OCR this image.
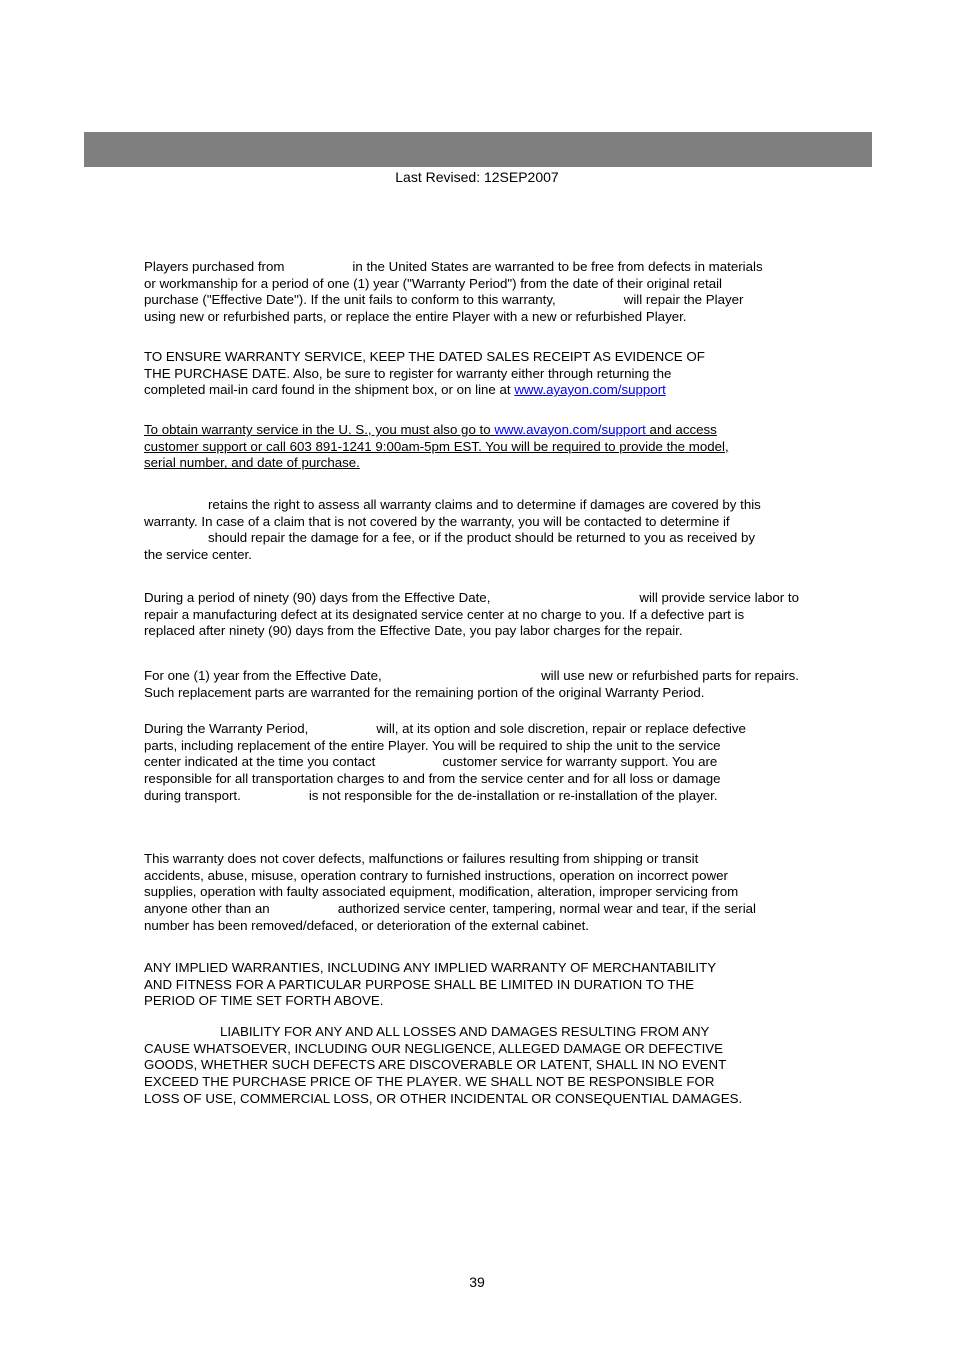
Last Revised: 12SEP2007
Players purchased from	in the United States are warranted to be free from defects in materials
or workmanship for a period of one (1) year ("Warranty Period") from the date of their original retail
purchase ("Effective Date"). If the unit fails to conform to this warranty,	will repair the Player
using new or refurbished parts, or replace the entire Player with a new or refurbished Player.
TO ENSURE WARRANTY SERVICE, KEEP THE DATED SALES RECEIPT AS EVIDENCE OF
THE PURCHASE DATE. Also, be sure to register for warranty either through returning the
completed mail-in card found in the shipment box, or on line at www.ayayon.com/support
To obtain warranty service in the U. S., you must also go to www.avayon.com/support and access
customer support or call 603 891-1241 9:00am-5pm EST. You will be required to provide the model,
serial number, and date of purchase.
retains the right to assess all warranty claims and to determine if damages are covered by this
warranty. In case of a claim that is not covered by the warranty, you will be contacted to determine if
should repair the damage for a fee, or if the product should be returned to you as received by
the service center.
During a period of ninety (90) days from the Effective Date,	will provide service labor to
repair a manufacturing defect at its designated service center at no charge to you. If a defective part is
replaced after ninety (90) days from the Effective Date, you pay labor charges for the repair.
For one (1) year from the Effective Date,	will use new or refurbished parts for repairs.
Such replacement parts are warranted for the remaining portion of the original Warranty Period.
During the Warranty Period,	will, at its option and sole discretion, repair or replace defective
parts, including replacement of the entire Player. You will be required to ship the unit to the service
center indicated at the time you contact	customer service for warranty support. You are
responsible for all transportation charges to and from the service center and for all loss or damage
during transport.	is not responsible for the de-installation or re-installation of the player.
This warranty does not cover defects, malfunctions or failures resulting from shipping or transit
accidents, abuse, misuse, operation contrary to furnished instructions, operation on incorrect power
supplies, operation with faulty associated equipment, modification, alteration, improper servicing from
anyone other than an	authorized service center, tampering, normal wear and tear, if the serial
number has been removed/defaced, or deterioration of the external cabinet.
ANY IMPLIED WARRANTIES, INCLUDING ANY IMPLIED WARRANTY OF MERCHANTABILITY
AND FITNESS FOR A PARTICULAR PURPOSE SHALL BE LIMITED IN DURATION TO THE
PERIOD OF TIME SET FORTH ABOVE.
LIABILITY FOR ANY AND ALL LOSSES AND DAMAGES RESULTING FROM ANY
CAUSE WHATSOEVER, INCLUDING OUR NEGLIGENCE, ALLEGED DAMAGE OR DEFECTIVE
GOODS, WHETHER SUCH DEFECTS ARE DISCOVERABLE OR LATENT, SHALL IN NO EVENT
EXCEED THE PURCHASE PRICE OF THE PLAYER. WE SHALL NOT BE RESPONSIBLE FOR
LOSS OF USE, COMMERCIAL LOSS, OR OTHER INCIDENTAL OR CONSEQUENTIAL DAMAGES.
39
